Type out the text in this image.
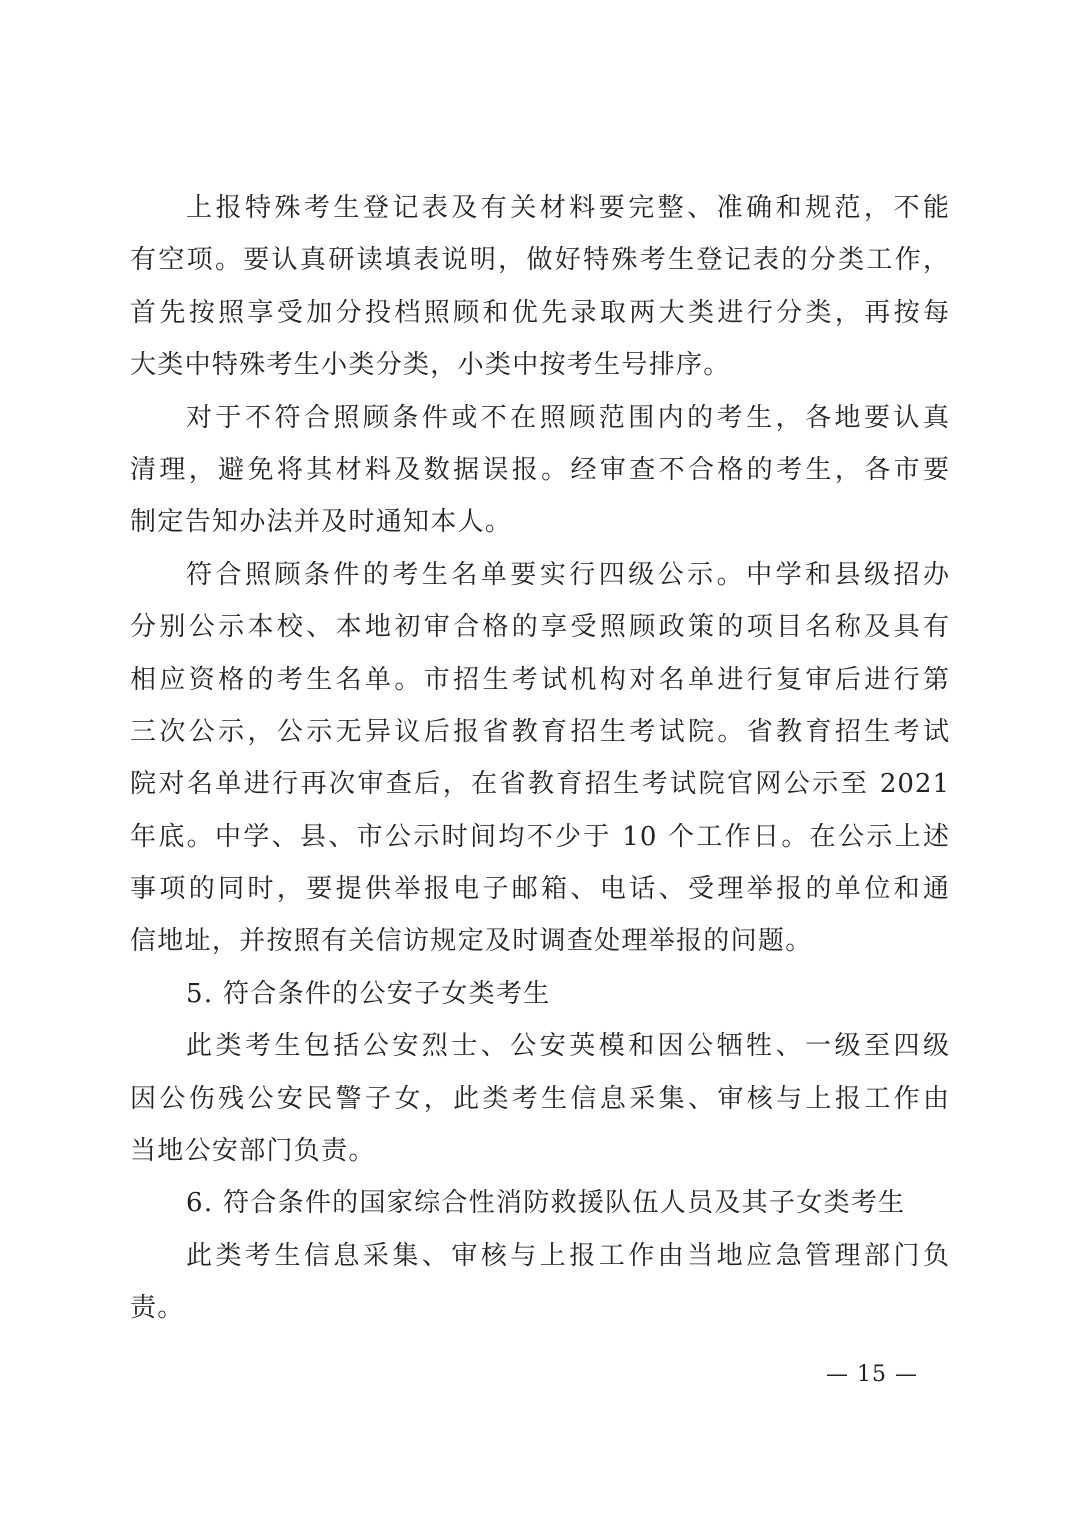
上报特殊考生登记表及有关材料要完整、准确和规范，不能
有空项。要认真研读填表说明，做好特殊考生登记表的分类工作，
首先按照享受加分投档照顾和优先录取两大类进行分类，再按每
大类中特殊考生小类分类，小类中按考生号排序。
对于不符合照顾条件或不在照顾范围内的考生，各地要认真
清理，避免将其材料及数据误报。经审查不合格的考生，各市要
制定告知办法并及时通知本人。
符合照顾条件的考生名单要实行四级公示。中学和县级招办
分别公示本校、本地初审合格的享受照顾政策的项目名称及具有
相应资格的考生名单。市招生考试机构对名单进行复审后进行第
三次公示，公示无异议后报省教育招生考试院。省教育招生考试
院对名单进行再次审查后，在省教育招生考试院官网公示至 2021
年底。中学、县、市公示时间均不少于 10 个工作日。在公示上述
事项的同时，要提供举报电子邮箱、电话、受理举报的单位和通
信地址，并按照有关信访规定及时调查处理举报的问题。
5. 符合条件的公安子女类考生
此类考生包括公安烈士、公安英模和因公牺牲、一级至四级
因公伤残公安民警子女，此类考生信息采集、审核与上报工作由
当地公安部门负责。
6. 符合条件的国家综合性消防救援队伍人员及其子女类考生
此类考生信息采集、审核与上报工作由当地应急管理部门负
责。
— 15 —
